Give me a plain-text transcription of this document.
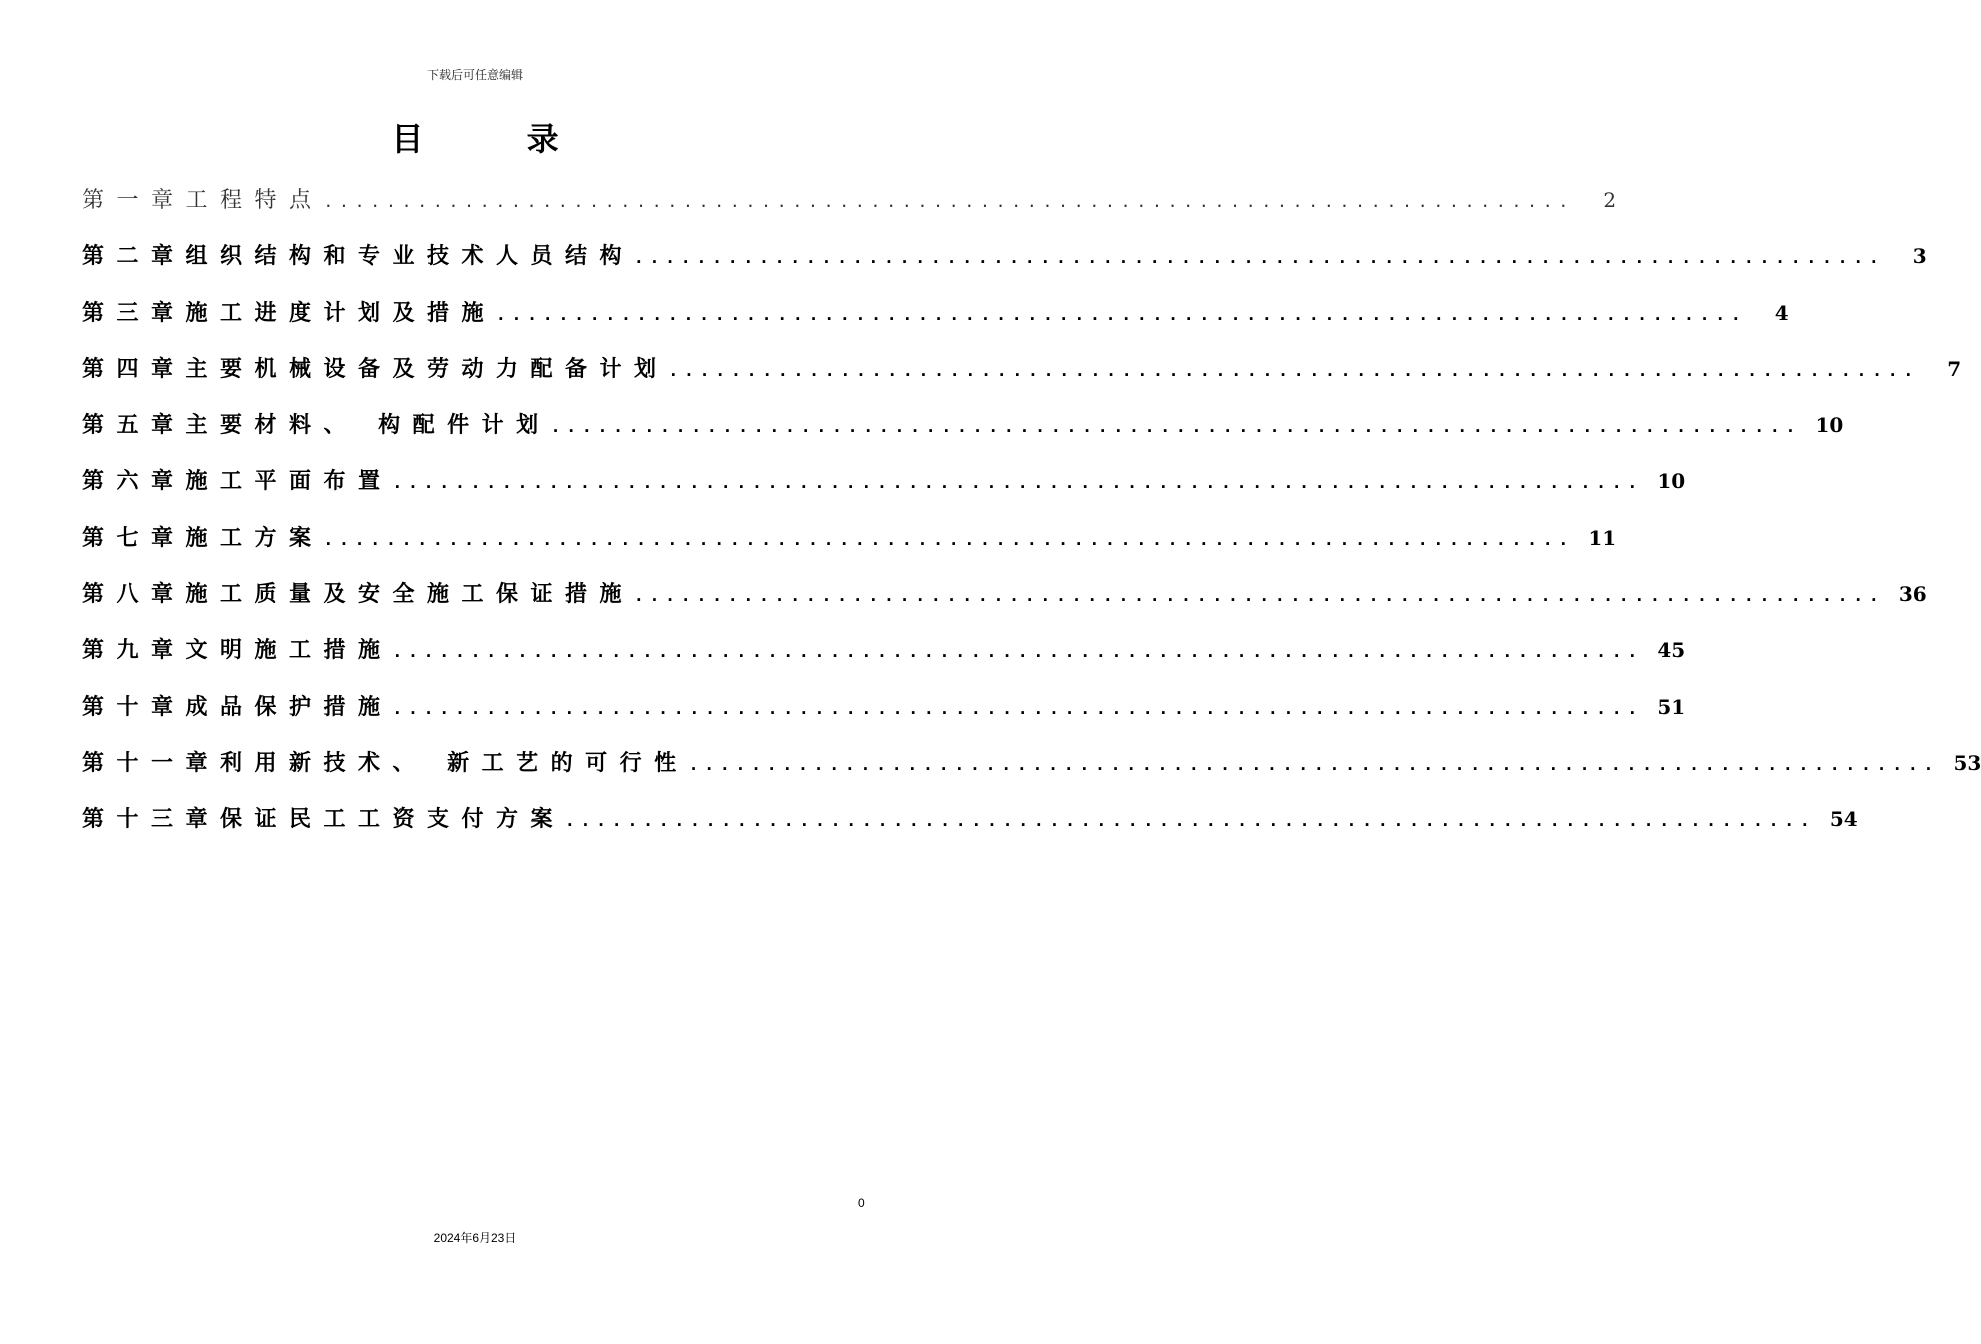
下载后可任意编辑
目 录
第一章 工程特点 ................................................................................	2
第二章 组织结构和专业技术人员结构 ................................................................................	3
第三章 施工进度计划及措施 ................................................................................	4
第四章 主要机械设备及劳动力配备计划 ................................................................................	7
第五章 主要材料、 构配件计划 ................................................................................ 10
第六章 施工平面布置 ................................................................................ 10
第七章 施工方案 ................................................................................ 11
第八章 施工质量及安全施工保证措施 ................................................................................ 36
第九章 文明施工措施 ................................................................................ 45
第十章 成品保护措施 ................................................................................ 51
第十一章 利用新技术、 新工艺的可行性 ................................................................................ 53
第十三章 保证民工工资支付方案 ................................................................................ 54
0
2024年6月23日
